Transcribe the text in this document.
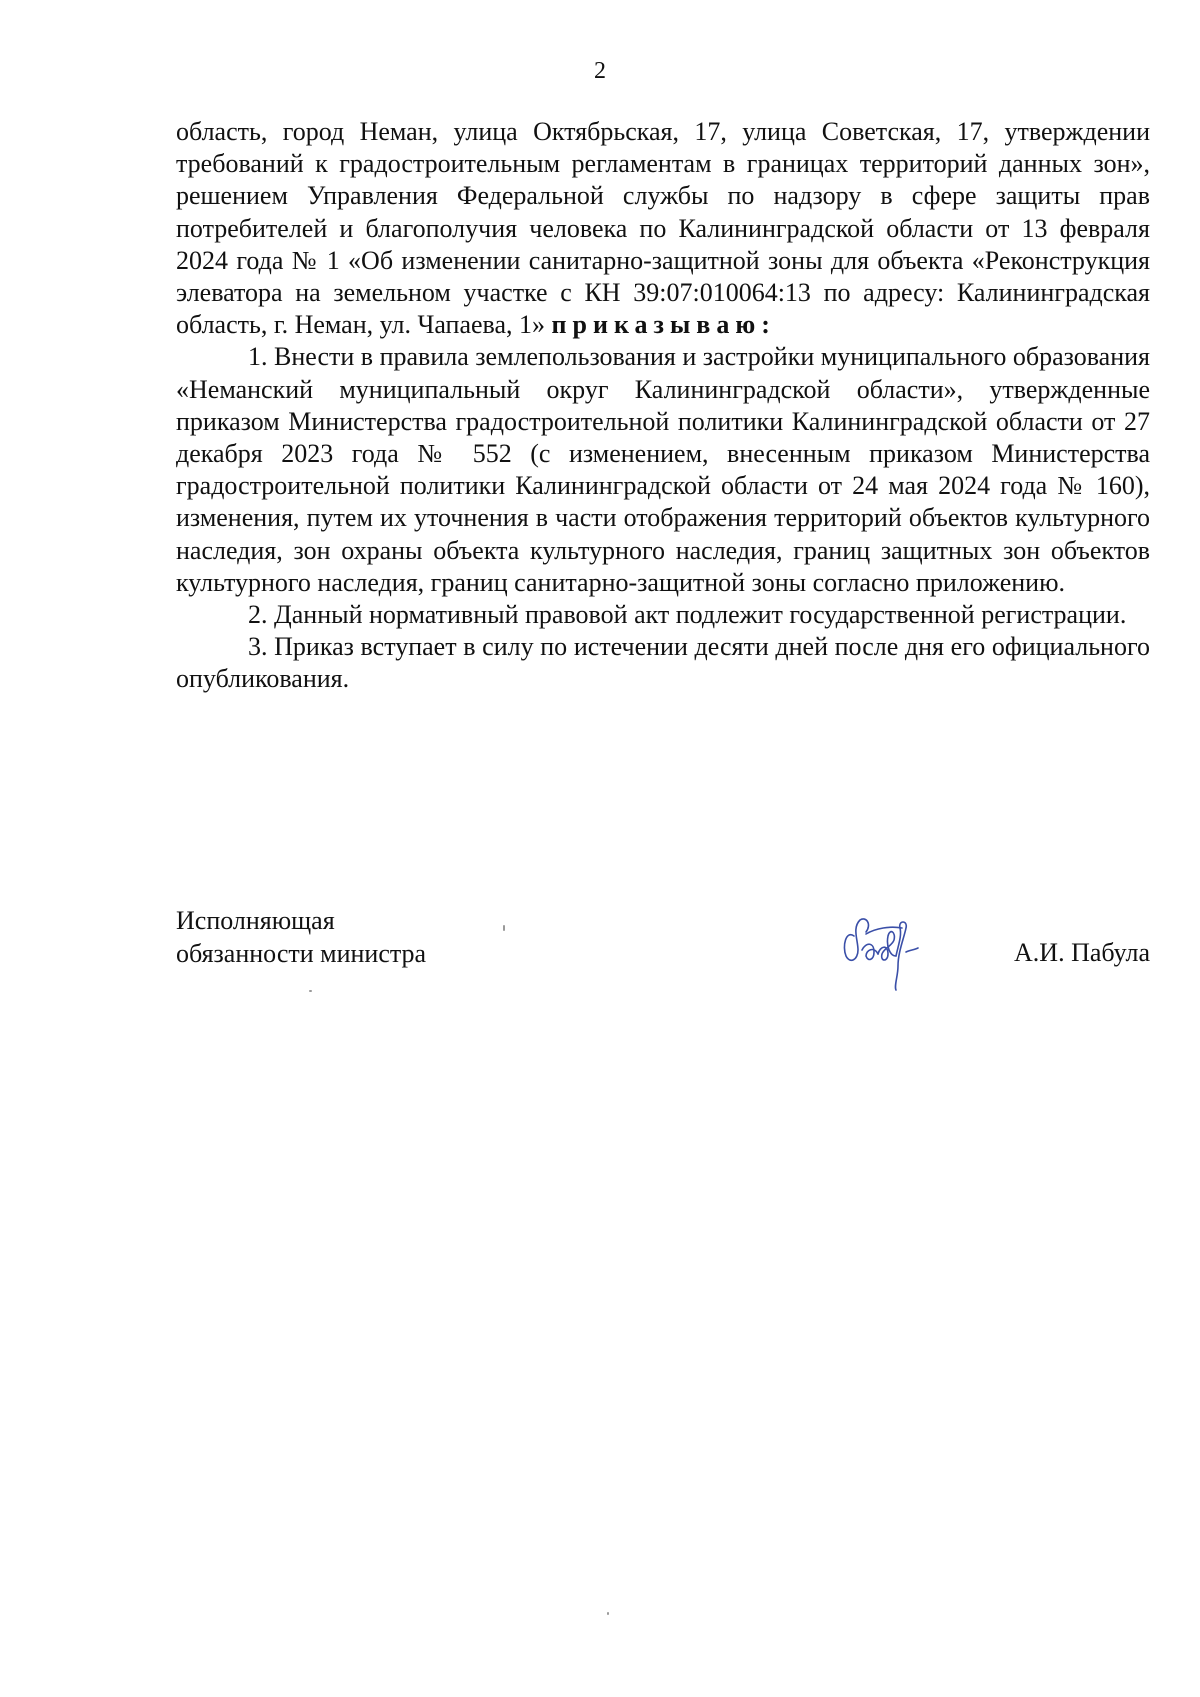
2

область, город Неман, улица Октябрьская, 17, улица Советская, 17, утверждении требований к градостроительным регламентам в границах территорий данных зон», решением Управления Федеральной службы по надзору в сфере защиты прав потребителей и благополучия человека по Калининградской области от 13 февраля 2024 года № 1 «Об изменении санитарно-защитной зоны для объекта «Реконструкция элеватора на земельном участке с КН 39:07:010064:13 по адресу: Калининградская область, г. Неман, ул. Чапаева, 1» приказываю:

1. Внести в правила землепользования и застройки муниципального образования «Неманский муниципальный округ Калининградской области», утвержденные приказом Министерства градостроительной политики Калининградской области от 27 декабря 2023 года № 552 (с изменением, внесенным приказом Министерства градостроительной политики Калининградской области от 24 мая 2024 года № 160), изменения, путем их уточнения в части отображения территорий объектов культурного наследия, зон охраны объекта культурного наследия, границ защитных зон объектов культурного наследия, границ санитарно-защитной зоны согласно приложению.

2. Данный нормативный правовой акт подлежит государственной регистрации.

3. Приказ вступает в силу по истечении десяти дней после дня его официального опубликования.

Исполняющая
обязанности министра	А.И. Пабула
